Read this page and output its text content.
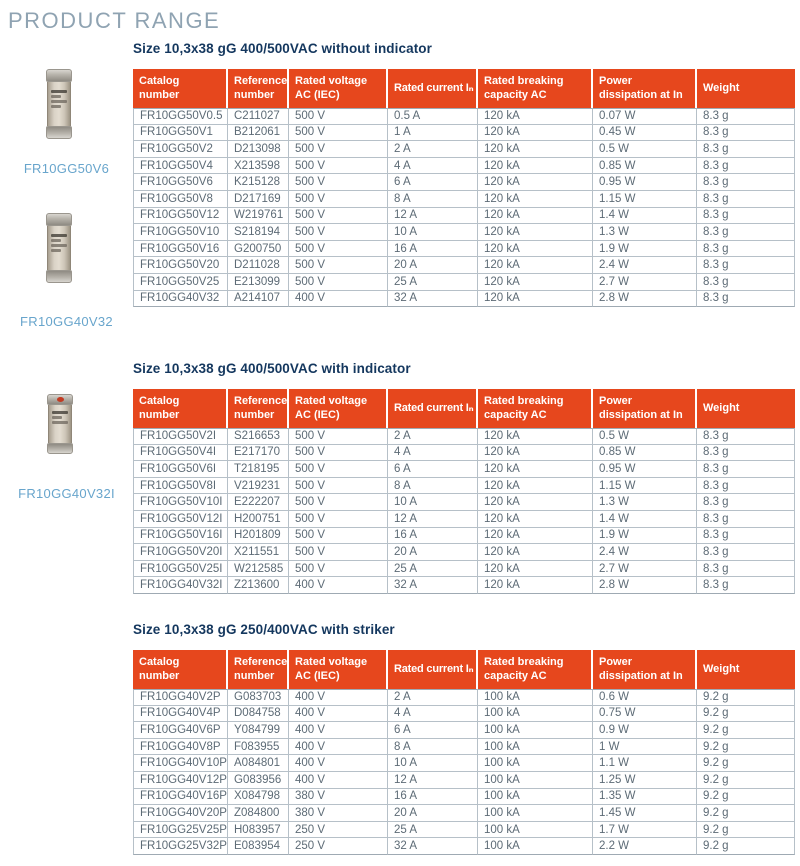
PRODUCT RANGE
FR10GG50V6
FR10GG40V32
FR10GG40V32I
Size 10,3x38 gG 400/500VAC without indicator
Catalog number	Reference number	Rated voltage AC (IEC)	Rated current Iₙ	Rated breaking capacity AC	Power dissipation at In	Weight
FR10GG50V0.5	C211027	500 V	0.5 A	120 kA	0.07 W	8.3 g
FR10GG50V1	B212061	500 V	1 A	120 kA	0.45 W	8.3 g
FR10GG50V2	D213098	500 V	2 A	120 kA	0.5 W	8.3 g
FR10GG50V4	X213598	500 V	4 A	120 kA	0.85 W	8.3 g
FR10GG50V6	K215128	500 V	6 A	120 kA	0.95 W	8.3 g
FR10GG50V8	D217169	500 V	8 A	120 kA	1.15 W	8.3 g
FR10GG50V12	W219761	500 V	12 A	120 kA	1.4 W	8.3 g
FR10GG50V10	S218194	500 V	10 A	120 kA	1.3 W	8.3 g
FR10GG50V16	G200750	500 V	16 A	120 kA	1.9 W	8.3 g
FR10GG50V20	D211028	500 V	20 A	120 kA	2.4 W	8.3 g
FR10GG50V25	E213099	500 V	25 A	120 kA	2.7 W	8.3 g
FR10GG40V32	A214107	400 V	32 A	120 kA	2.8 W	8.3 g
Size 10,3x38 gG 400/500VAC with indicator
Catalog number	Reference number	Rated voltage AC (IEC)	Rated current Iₙ	Rated breaking capacity AC	Power dissipation at In	Weight
FR10GG50V2I	S216653	500 V	2 A	120 kA	0.5 W	8.3 g
FR10GG50V4I	E217170	500 V	4 A	120 kA	0.85 W	8.3 g
FR10GG50V6I	T218195	500 V	6 A	120 kA	0.95 W	8.3 g
FR10GG50V8I	V219231	500 V	8 A	120 kA	1.15 W	8.3 g
FR10GG50V10I	E222207	500 V	10 A	120 kA	1.3 W	8.3 g
FR10GG50V12I	H200751	500 V	12 A	120 kA	1.4 W	8.3 g
FR10GG50V16I	H201809	500 V	16 A	120 kA	1.9 W	8.3 g
FR10GG50V20I	X211551	500 V	20 A	120 kA	2.4 W	8.3 g
FR10GG50V25I	W212585	500 V	25 A	120 kA	2.7 W	8.3 g
FR10GG40V32I	Z213600	400 V	32 A	120 kA	2.8 W	8.3 g
Size 10,3x38 gG 250/400VAC with striker
Catalog number	Reference number	Rated voltage AC (IEC)	Rated current Iₙ	Rated breaking capacity AC	Power dissipation at In	Weight
FR10GG40V2P	G083703	400 V	2 A	100 kA	0.6 W	9.2 g
FR10GG40V4P	D084758	400 V	4 A	100 kA	0.75 W	9.2 g
FR10GG40V6P	Y084799	400 V	6 A	100 kA	0.9 W	9.2 g
FR10GG40V8P	F083955	400 V	8 A	100 kA	1 W	9.2 g
FR10GG40V10P	A084801	400 V	10 A	100 kA	1.1 W	9.2 g
FR10GG40V12P	G083956	400 V	12 A	100 kA	1.25 W	9.2 g
FR10GG40V16P	X084798	380 V	16 A	100 kA	1.35 W	9.2 g
FR10GG40V20P	Z084800	380 V	20 A	100 kA	1.45 W	9.2 g
FR10GG25V25P	H083957	250 V	25 A	100 kA	1.7 W	9.2 g
FR10GG25V32P	E083954	250 V	32 A	100 kA	2.2 W	9.2 g
